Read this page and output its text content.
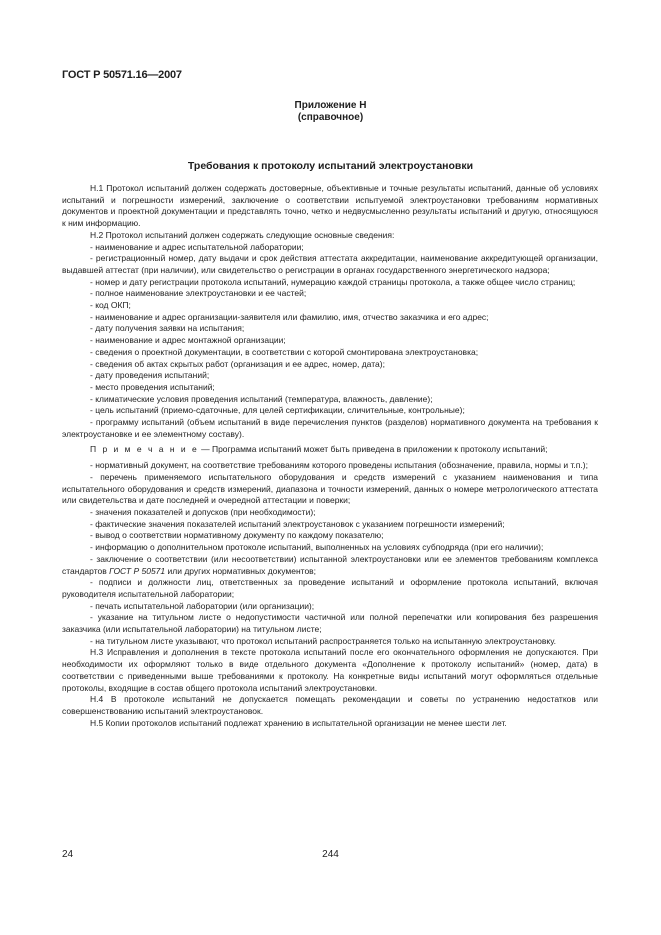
ГОСТ Р 50571.16—2007
Приложение Н
(справочное)
Требования к протоколу испытаний электроустановки

Н.1 Протокол испытаний должен содержать достоверные, объективные и точные результаты испытаний, данные об условиях испытаний и погрешности измерений, заключение о соответствии испытуемой электроустановки требованиям нормативных документов и проектной документации и представлять точно, четко и недвусмысленно результаты испытаний и другую, относящуюся к ним информацию.

Н.2 Протокол испытаний должен содержать следующие основные сведения:

- наименование и адрес испытательной лаборатории;

- регистрационный номер, дату выдачи и срок действия аттестата аккредитации, наименование аккредитующей организации, выдавшей аттестат (при наличии), или свидетельство о регистрации в органах государственного энергетического надзора;

- номер и дату регистрации протокола испытаний, нумерацию каждой страницы протокола, а также общее число страниц;

- полное наименование электроустановки и ее частей;

- код ОКП;

- наименование и адрес организации-заявителя или фамилию, имя, отчество заказчика и его адрес;

- дату получения заявки на испытания;

- наименование и адрес монтажной организации;

- сведения о проектной документации, в соответствии с которой смонтирована электроустановка;

- сведения об актах скрытых работ (организация и ее адрес, номер, дата);

- дату проведения испытаний;

- место проведения испытаний;

- климатические условия проведения испытаний (температура, влажность, давление);

- цель испытаний (приемо-сдаточные, для целей сертификации, сличительные, контрольные);

- программу испытаний (объем испытаний в виде перечисления пунктов (разделов) нормативного документа на требования к электроустановке и ее элементному составу).

П р и м е ч а н и е — Программа испытаний может быть приведена в приложении к протоколу испытаний;

- нормативный документ, на соответствие требованиям которого проведены испытания (обозначение, правила, нормы и т.п.);

- перечень применяемого испытательного оборудования и средств измерений с указанием наименования и типа испытательного оборудования и средств измерений, диапазона и точности измерений, данных о номере метрологического аттестата или свидетельства и дате последней и очередной аттестации и поверки;

- значения показателей и допусков (при необходимости);

- фактические значения показателей испытаний электроустановок с указанием погрешности измерений;

- вывод о соответствии нормативному документу по каждому показателю;

- информацию о дополнительном протоколе испытаний, выполненных на условиях субподряда (при его наличии);

- заключение о соответствии (или несоответствии) испытанной электроустановки или ее элементов требованиям комплекса стандартов ГОСТ Р 50571 или других нормативных документов;

- подписи и должности лиц, ответственных за проведение испытаний и оформление протокола испытаний, включая руководителя испытательной лаборатории;

- печать испытательной лаборатории (или организации);

- указание на титульном листе о недопустимости частичной или полной перепечатки или копирования без разрешения заказчика (или испытательной лаборатории) на титульном листе;

- на титульном листе указывают, что протокол испытаний распространяется только на испытанную электроустановку.

Н.3 Исправления и дополнения в тексте протокола испытаний после его окончательного оформления не допускаются. При необходимости их оформляют только в виде отдельного документа «Дополнение к протоколу испытаний» (номер, дата) в соответствии с приведенными выше требованиями к протоколу. На конкретные виды испытаний могут оформляться отдельные протоколы, входящие в состав общего протокола испытаний электроустановки.

Н.4 В протоколе испытаний не допускается помещать рекомендации и советы по устранению недостатков или совершенствованию испытаний электроустановок.

Н.5 Копии протоколов испытаний подлежат хранению в испытательной организации не менее шести лет.

24	244
